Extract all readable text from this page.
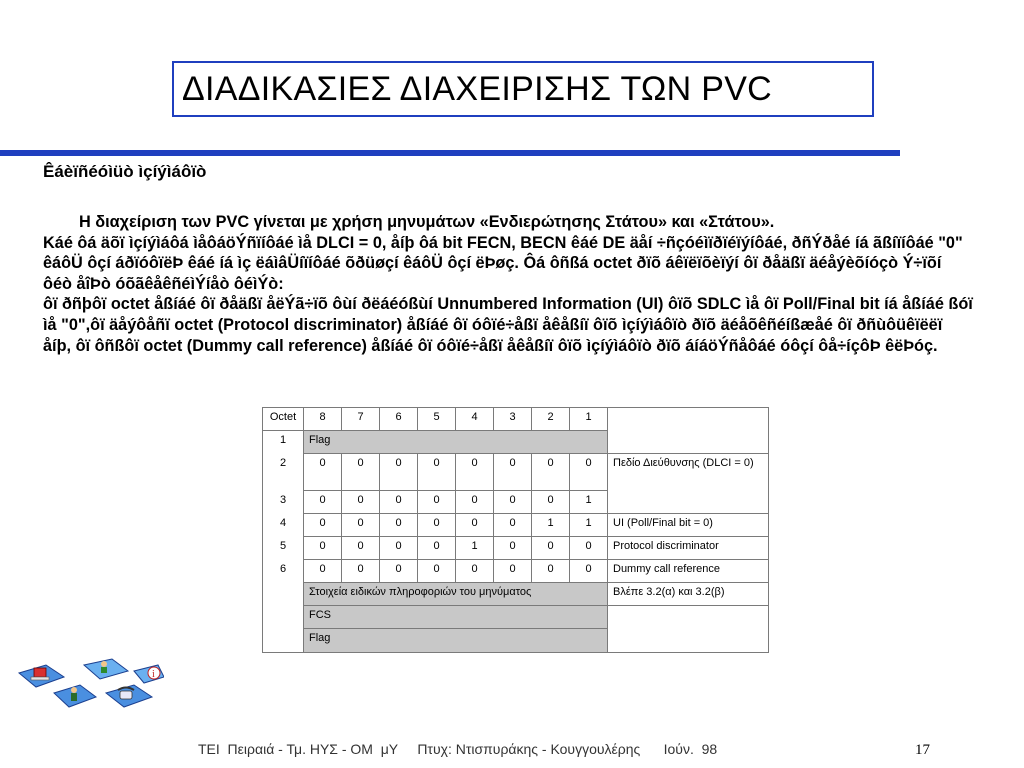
ΔΙΑΔΙΚΑΣΙΕΣ ΔΙΑΧΕΙΡΙΣΗΣ ΤΩΝ PVC
Êáèïñéóìüò ìçíýìáôïò

Η διαχείριση των PVC γίνεται με χρήση μηνυμάτων «Ενδιερώτησης Στάτου» και «Στάτου».

Κáé ôá äõï ìçíýìáôá ìåôáöÝñïíôáé ìå DLCI = 0, åíþ ôá bit FECN, BECN êáé DE äåí ÷ñçóéìïðïéïýíôáé, ðñÝðåé íá ãßíïíôáé "0" êáôÜ ôçí áðïóôïëÞ êáé íá ìç ëáìâÜíïíôáé õðüøçí êáôÜ ôçí ëÞøç. Ôá ôñßá octet ðïõ áêïëïõèïýí ôï ðåäßï äéåýèõíóçò Ý÷ïõí ôéò åîÞò óõãêåêñéìÝíåò ôéìÝò:

ôï ðñþôï octet åßíáé ôï ðåäßï åëÝã÷ïõ ôùí ðëáéóßùí Unnumbered Information (UI) ôïõ SDLC ìå ôï Poll/Final bit íá åßíáé ßóï ìå "0",ôï äåýôåñï octet (Protocol discriminator) åßíáé ôï óôïé÷åßï åêåßíï ôïõ ìçíýìáôïò ðïõ äéåõêñéíßæåé ôï ðñùôüêïëëï åíþ, ôï ôñßôï octet (Dummy call reference) åßíáé ôï óôïé÷åßï åêåßíï ôïõ ìçíýìáôïò ðïõ áíáöÝñåôáé óôçí ôå÷íçôÞ êëÞóç.

Octet	8	7	6	5	4	3	2	1	
1	Flag								
2	0	0	0	0	0	0	0	0	Πεδίο Διεύθυνσης (DLCI = 0)
3	0	0	0	0	0	0	0	1	
4	0	0	0	0	0	0	1	1	UI (Poll/Final bit = 0)
5	0	0	0	0	1	0	0	0	Protocol discriminator
6	0	0	0	0	0	0	0	0	Dummy call reference
	Στοιχεία ειδικών πληροφοριών του μηνύματος								Βλέπε 3.2(α) και 3.2(β)
	FCS								
	Flag								
i
ΤΕΙ  Πειραιά - Τμ. ΗΥΣ - ΟΜ  μΥ     Πτυχ: Ντισπυράκης - Κουγγουλέρης      Ιούν.  98	17
